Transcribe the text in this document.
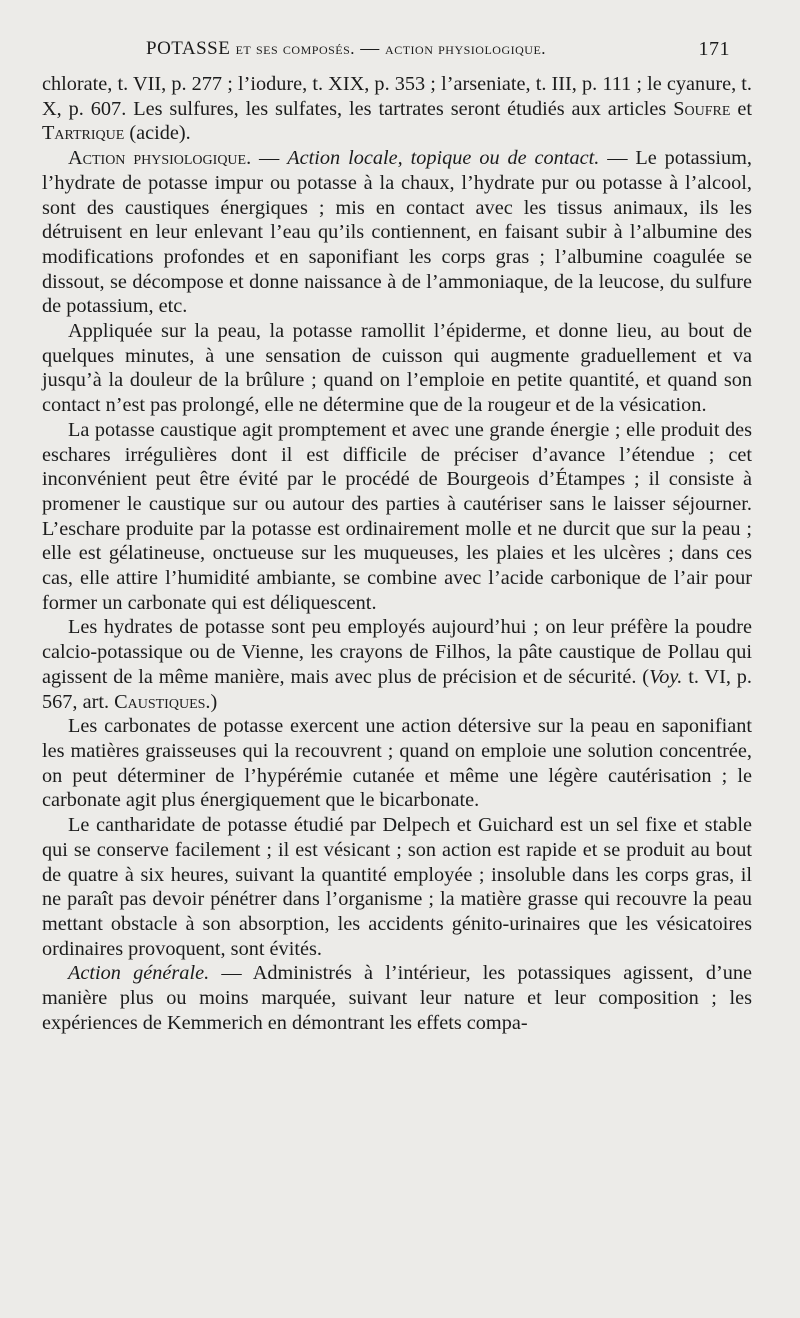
POTASSE et ses composés. — action physiologique.	171

chlorate, t. VII, p. 277 ; l’iodure, t. XIX, p. 353 ; l’arseniate, t. III, p. 111 ; le cyanure, t. X, p. 607. Les sulfures, les sulfates, les tartrates seront étudiés aux articles Soufre et Tartrique (acide).

Action physiologique. — Action locale, topique ou de contact. — Le potassium, l’hydrate de potasse impur ou potasse à la chaux, l’hydrate pur ou potasse à l’alcool, sont des caustiques énergiques ; mis en contact avec les tissus animaux, ils les détruisent en leur enlevant l’eau qu’ils contiennent, en faisant subir à l’albumine des modifications profondes et en saponifiant les corps gras ; l’albumine coagulée se dissout, se décompose et donne naissance à de l’ammoniaque, de la leucose, du sulfure de potassium, etc.

Appliquée sur la peau, la potasse ramollit l’épiderme, et donne lieu, au bout de quelques minutes, à une sensation de cuisson qui augmente graduellement et va jusqu’à la douleur de la brûlure ; quand on l’emploie en petite quantité, et quand son contact n’est pas prolongé, elle ne détermine que de la rougeur et de la vésication.

La potasse caustique agit promptement et avec une grande énergie ; elle produit des eschares irrégulières dont il est difficile de préciser d’avance l’étendue ; cet inconvénient peut être évité par le procédé de Bourgeois d’Étampes ; il consiste à promener le caustique sur ou autour des parties à cautériser sans le laisser séjourner. L’eschare produite par la potasse est ordinairement molle et ne durcit que sur la peau ; elle est gélatineuse, onctueuse sur les muqueuses, les plaies et les ulcères ; dans ces cas, elle attire l’humidité ambiante, se combine avec l’acide carbonique de l’air pour former un carbonate qui est déliquescent.

Les hydrates de potasse sont peu employés aujourd’hui ; on leur préfère la poudre calcio-potassique ou de Vienne, les crayons de Filhos, la pâte caustique de Pollau qui agissent de la même manière, mais avec plus de précision et de sécurité. (Voy. t. VI, p. 567, art. Caustiques.)

Les carbonates de potasse exercent une action détersive sur la peau en saponifiant les matières graisseuses qui la recouvrent ; quand on emploie une solution concentrée, on peut déterminer de l’hypérémie cutanée et même une légère cautérisation ; le carbonate agit plus énergiquement que le bicarbonate.

Le cantharidate de potasse étudié par Delpech et Guichard est un sel fixe et stable qui se conserve facilement ; il est vésicant ; son action est rapide et se produit au bout de quatre à six heures, suivant la quantité employée ; insoluble dans les corps gras, il ne paraît pas devoir pénétrer dans l’organisme ; la matière grasse qui recouvre la peau mettant obstacle à son absorption, les accidents génito-urinaires que les vésicatoires ordinaires provoquent, sont évités.

Action générale. — Administrés à l’intérieur, les potassiques agissent, d’une manière plus ou moins marquée, suivant leur nature et leur composition ; les expériences de Kemmerich en démontrant les effets compa-
